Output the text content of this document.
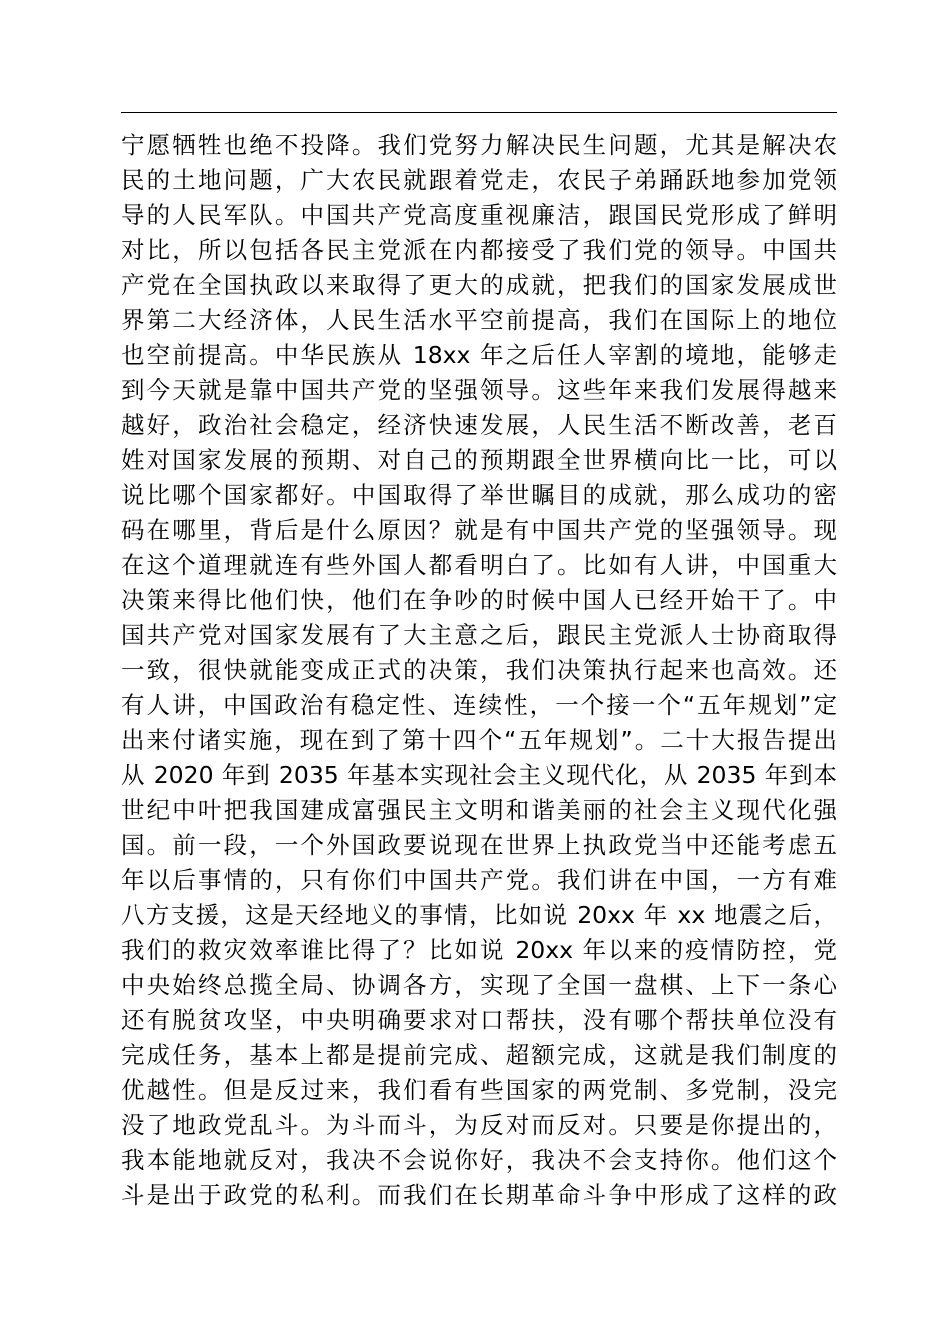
宁愿牺牲也绝不投降。我们党努力解决民生问题，尤其是解决农
民的土地问题，广大农民就跟着党走，农民子弟踊跃地参加党领
导的人民军队。中国共产党高度重视廉洁，跟国民党形成了鲜明
对比，所以包括各民主党派在内都接受了我们党的领导。中国共
产党在全国执政以来取得了更大的成就，把我们的国家发展成世
界第二大经济体，人民生活水平空前提高，我们在国际上的地位
也空前提高。中华民族从 18xx 年之后任人宰割的境地，能够走
到今天就是靠中国共产党的坚强领导。这些年来我们发展得越来
越好，政治社会稳定，经济快速发展，人民生活不断改善，老百
姓对国家发展的预期、对自己的预期跟全世界横向比一比，可以
说比哪个国家都好。中国取得了举世瞩目的成就，那么成功的密
码在哪里，背后是什么原因？就是有中国共产党的坚强领导。现
在这个道理就连有些外国人都看明白了。比如有人讲，中国重大
决策来得比他们快，他们在争吵的时候中国人已经开始干了。中
国共产党对国家发展有了大主意之后，跟民主党派人士协商取得
一致，很快就能变成正式的决策，我们决策执行起来也高效。还
有人讲，中国政治有稳定性、连续性，一个接一个“五年规划”定
出来付诸实施，现在到了第十四个“五年规划”。二十大报告提出
从 2020 年到 2035 年基本实现社会主义现代化，从 2035 年到本
世纪中叶把我国建成富强民主文明和谐美丽的社会主义现代化强
国。前一段，一个外国政要说现在世界上执政党当中还能考虑五
年以后事情的，只有你们中国共产党。我们讲在中国，一方有难
八方支援，这是天经地义的事情，比如说 20xx 年 xx 地震之后，
我们的救灾效率谁比得了？比如说 20xx 年以来的疫情防控，党
中央始终总揽全局、协调各方，实现了全国一盘棋、上下一条心
还有脱贫攻坚，中央明确要求对口帮扶，没有哪个帮扶单位没有
完成任务，基本上都是提前完成、超额完成，这就是我们制度的
优越性。但是反过来，我们看有些国家的两党制、多党制，没完
没了地政党乱斗。为斗而斗，为反对而反对。只要是你提出的，
我本能地就反对，我决不会说你好，我决不会支持你。他们这个
斗是出于政党的私利。而我们在长期革命斗争中形成了这样的政
